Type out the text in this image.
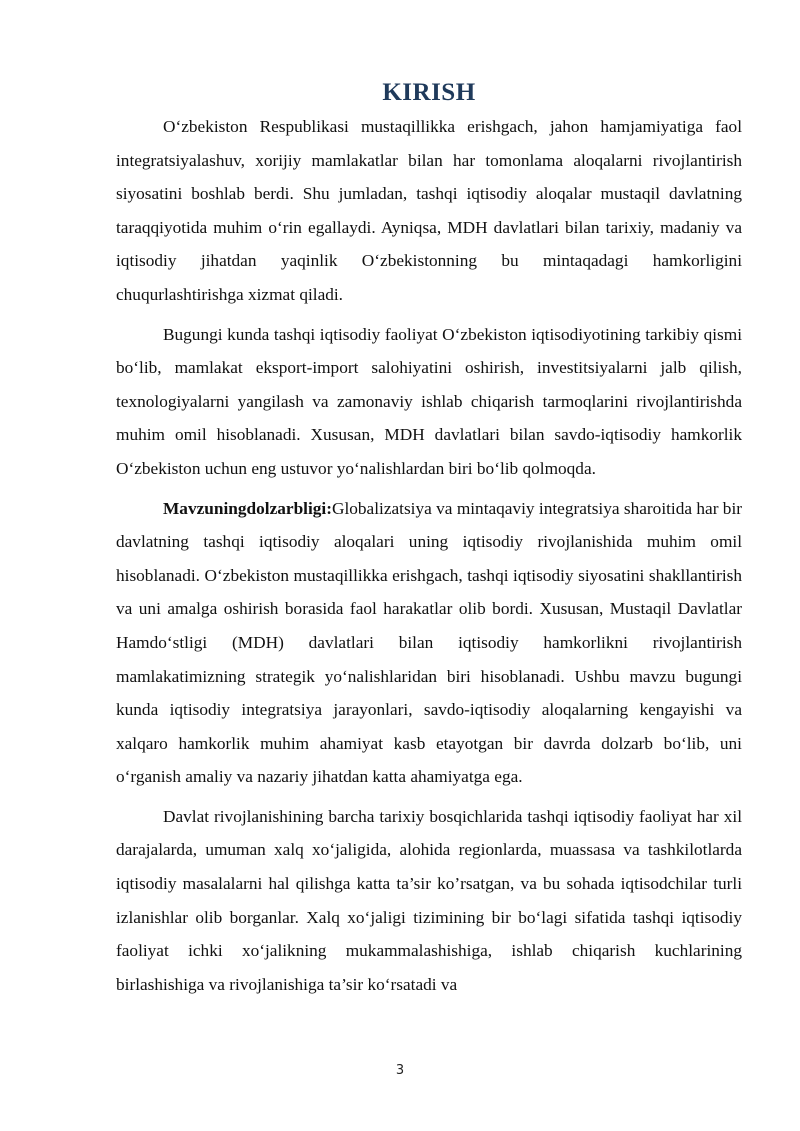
KIRISH

O‘zbekiston Respublikasi mustaqillikka erishgach, jahon hamjamiyatiga faol integratsiyalashuv, xorijiy mamlakatlar bilan har tomonlama aloqalarni rivojlantirish siyosatini boshlab berdi. Shu jumladan, tashqi iqtisodiy aloqalar mustaqil davlatning taraqqiyotida muhim o‘rin egallaydi. Ayniqsa, MDH davlatlari bilan tarixiy, madaniy va iqtisodiy jihatdan yaqinlik O‘zbekistonning bu mintaqadagi hamkorligini chuqurlashtirishga xizmat qiladi.

Bugungi kunda tashqi iqtisodiy faoliyat O‘zbekiston iqtisodiyotining tarkibiy qismi bo‘lib, mamlakat eksport-import salohiyatini oshirish, investitsiyalarni jalb qilish, texnologiyalarni yangilash va zamonaviy ishlab chiqarish tarmoqlarini rivojlantirishda muhim omil hisoblanadi. Xususan, MDH davlatlari bilan savdo-iqtisodiy hamkorlik O‘zbekiston uchun eng ustuvor yo‘nalishlardan biri bo‘lib qolmoqda.

Mavzuningdolzarbligi:Globalizatsiya va mintaqaviy integratsiya sharoitida har bir davlatning tashqi iqtisodiy aloqalari uning iqtisodiy rivojlanishida muhim omil hisoblanadi. O‘zbekiston mustaqillikka erishgach, tashqi iqtisodiy siyosatini shakllantirish va uni amalga oshirish borasida faol harakatlar olib bordi. Xususan, Mustaqil Davlatlar Hamdo‘stligi (MDH) davlatlari bilan iqtisodiy hamkorlikni rivojlantirish mamlakatimizning strategik yo‘nalishlaridan biri hisoblanadi. Ushbu mavzu bugungi kunda iqtisodiy integratsiya jarayonlari, savdo-iqtisodiy aloqalarning kengayishi va xalqaro hamkorlik muhim ahamiyat kasb etayotgan bir davrda dolzarb bo‘lib, uni o‘rganish amaliy va nazariy jihatdan katta ahamiyatga ega.

Davlat rivojlanishining barcha tarixiy bosqichlarida tashqi iqtisodiy faoliyat har xil darajalarda, umuman xalq xo‘jaligida, alohida regionlarda, muassasa va tashkilotlarda iqtisodiy masalalarni hal qilishga katta ta’sir ko’rsatgan, va bu sohada iqtisodchilar turli izlanishlar olib borganlar. Xalq xo‘jaligi tizimining bir bo‘lagi sifatida tashqi iqtisodiy faoliyat ichki xo‘jalikning mukammalashishiga, ishlab chiqarish kuchlarining birlashishiga va rivojlanishiga ta’sir ko‘rsatadi va

3
